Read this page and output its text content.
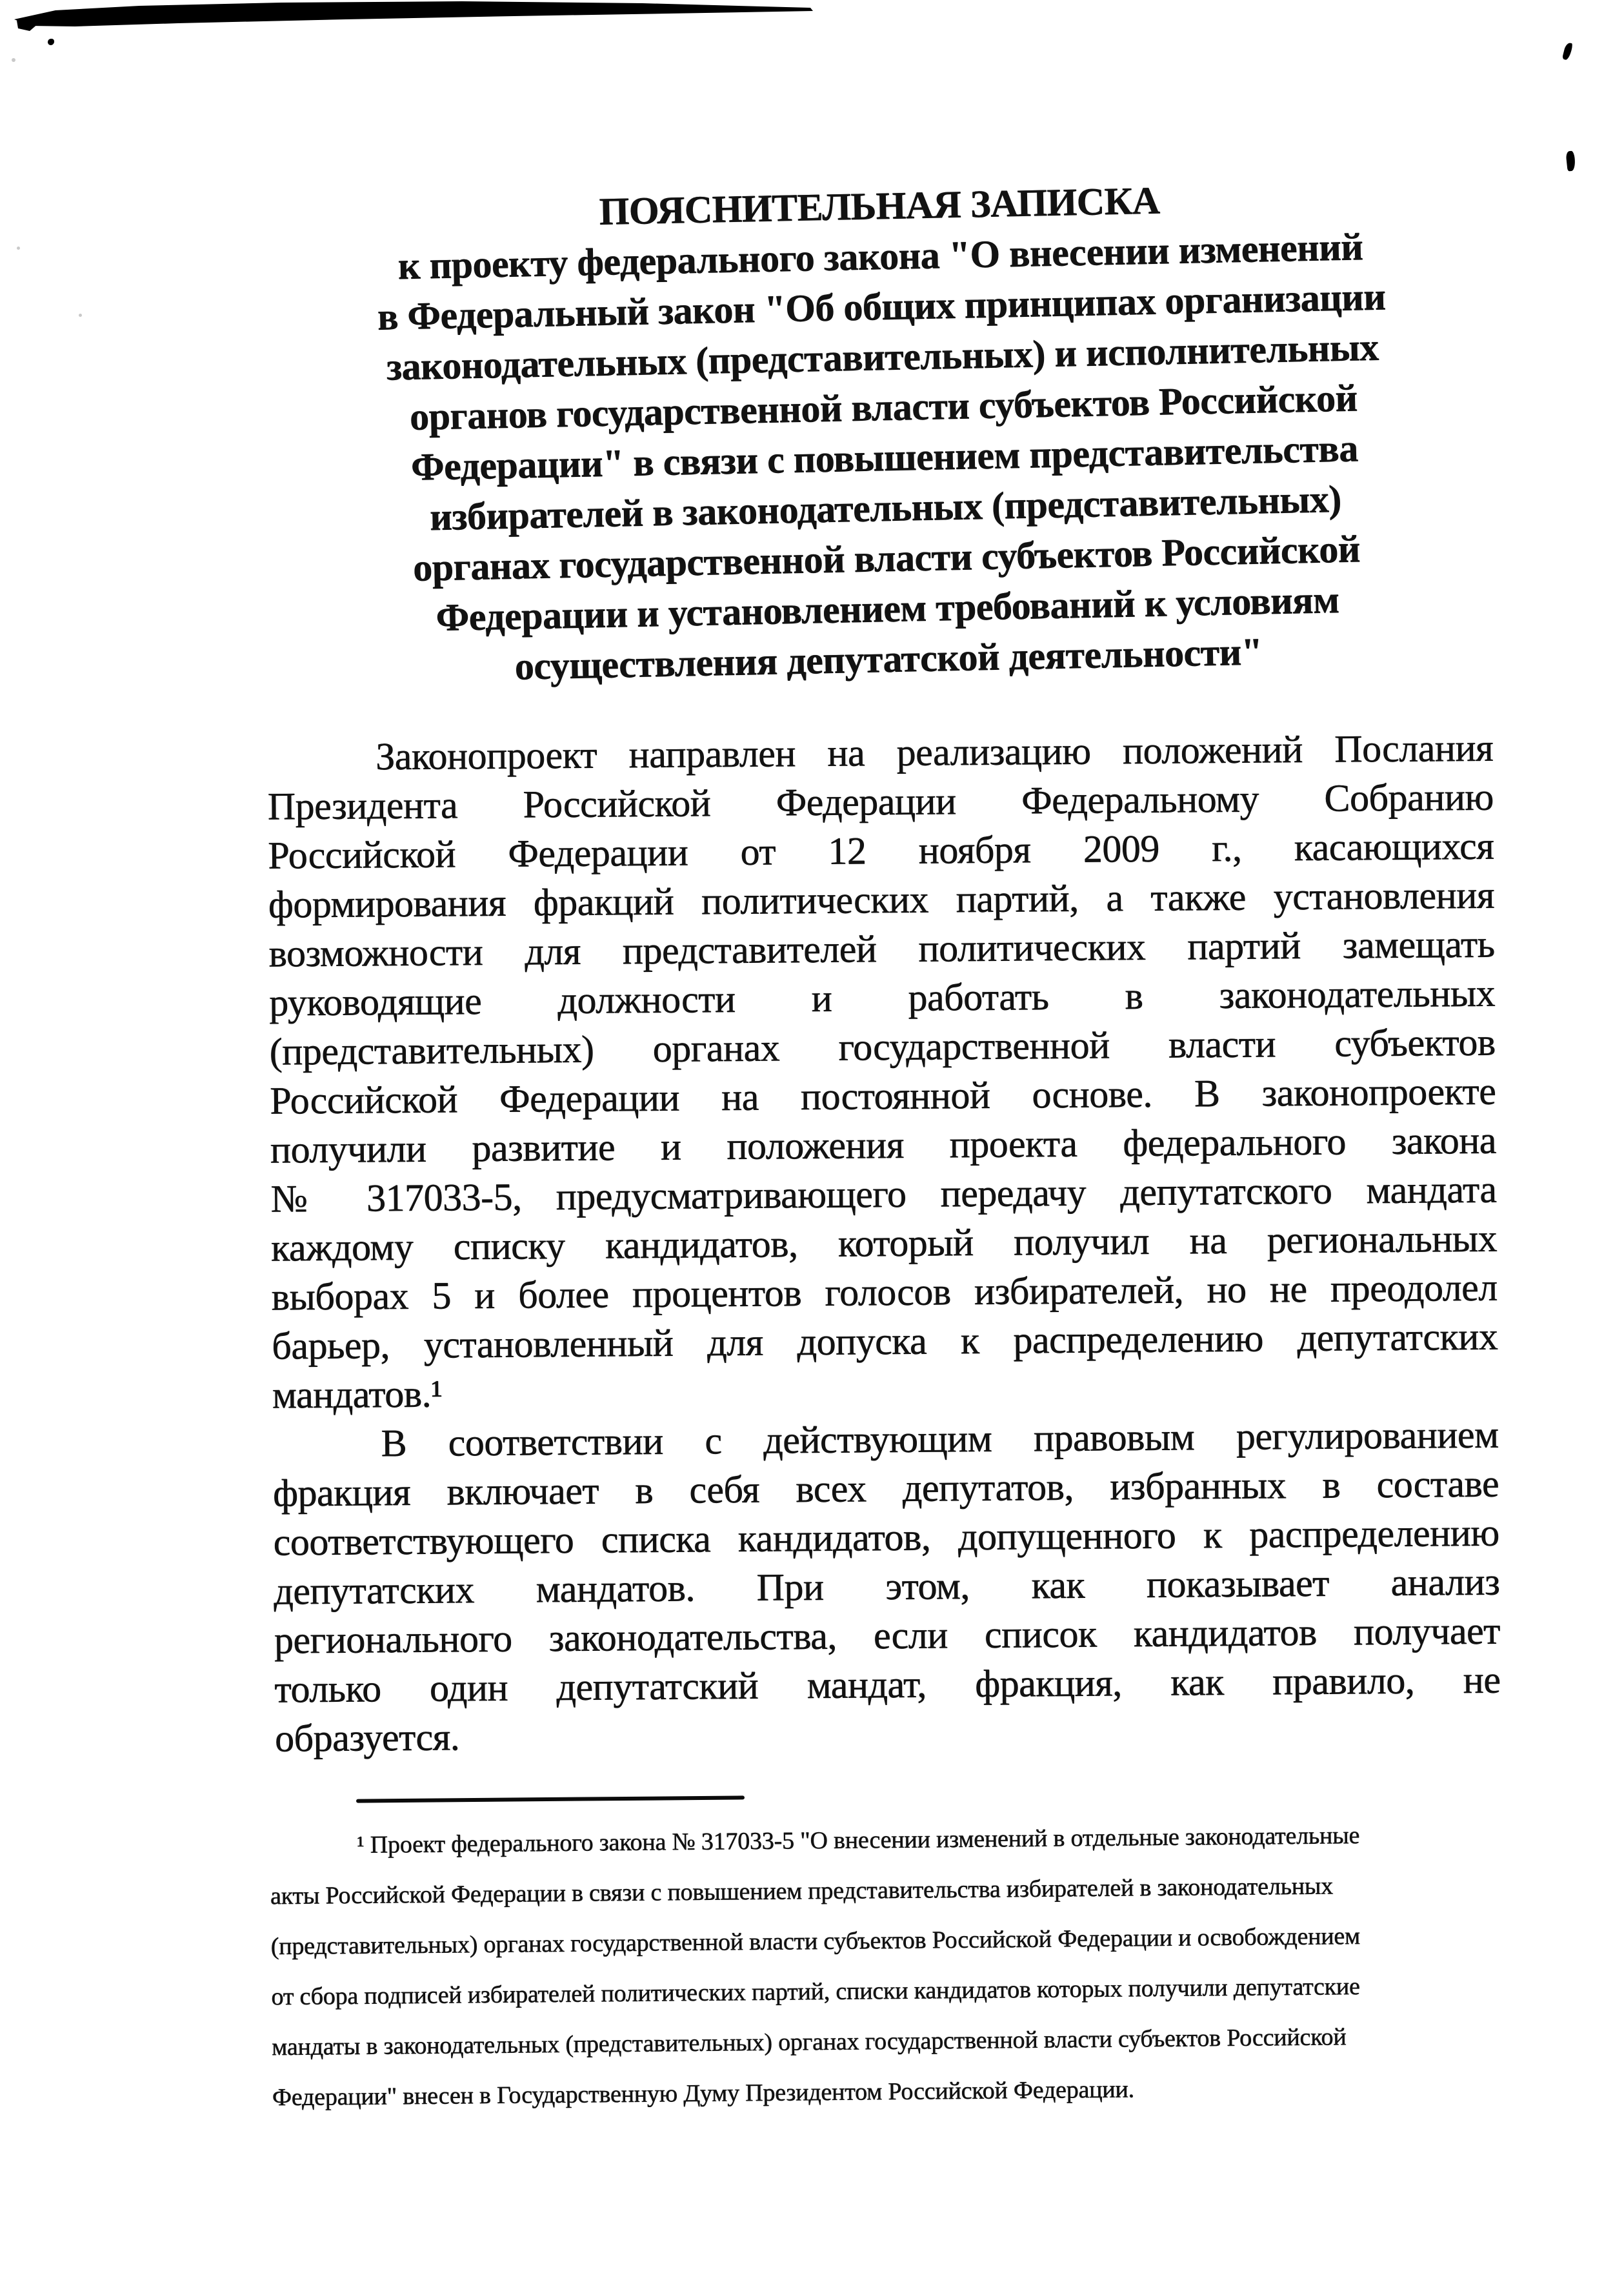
ПОЯСНИТЕЛЬНАЯ ЗАПИСКА
к проекту федерального закона "О внесении изменений
в Федеральный закон "Об общих принципах организации
законодательных (представительных) и исполнительных
органов государственной власти субъектов Российской
Федерации" в связи с повышением представительства
избирателей в законодательных (представительных)
органах государственной власти субъектов Российской
Федерации и установлением требований к условиям
осуществления депутатской деятельности"
Законопроект направлен на реализацию положений Послания
Президента Российской Федерации Федеральному Собранию
Российской Федерации от 12 ноября 2009 г., касающихся
формирования фракций политических партий, а также установления
возможности для представителей политических партий замещать
руководящие должности и работать в законодательных
(представительных) органах государственной власти субъектов
Российской Федерации на постоянной основе. В законопроекте
получили развитие и положения проекта федерального закона
№ 317033-5, предусматривающего передачу депутатского мандата
каждому списку кандидатов, который получил на региональных
выборах 5 и более процентов голосов избирателей, но не преодолел
барьер, установленный для допуска к распределению депутатских
мандатов.¹
В соответствии с действующим правовым регулированием
фракция включает в себя всех депутатов, избранных в составе
соответствующего списка кандидатов, допущенного к распределению
депутатских мандатов. При этом, как показывает анализ
регионального законодательства, если список кандидатов получает
только один депутатский мандат, фракция, как правило, не
образуется.
¹ Проект федерального закона № 317033-5 "О внесении изменений в отдельные законодательные
акты Российской Федерации в связи с повышением представительства избирателей в законодательных
(представительных) органах государственной власти субъектов Российской Федерации и освобождением
от сбора подписей избирателей политических партий, списки кандидатов которых получили депутатские
мандаты в законодательных (представительных) органах государственной власти субъектов Российской
Федерации" внесен в Государственную Думу Президентом Российской Федерации.
